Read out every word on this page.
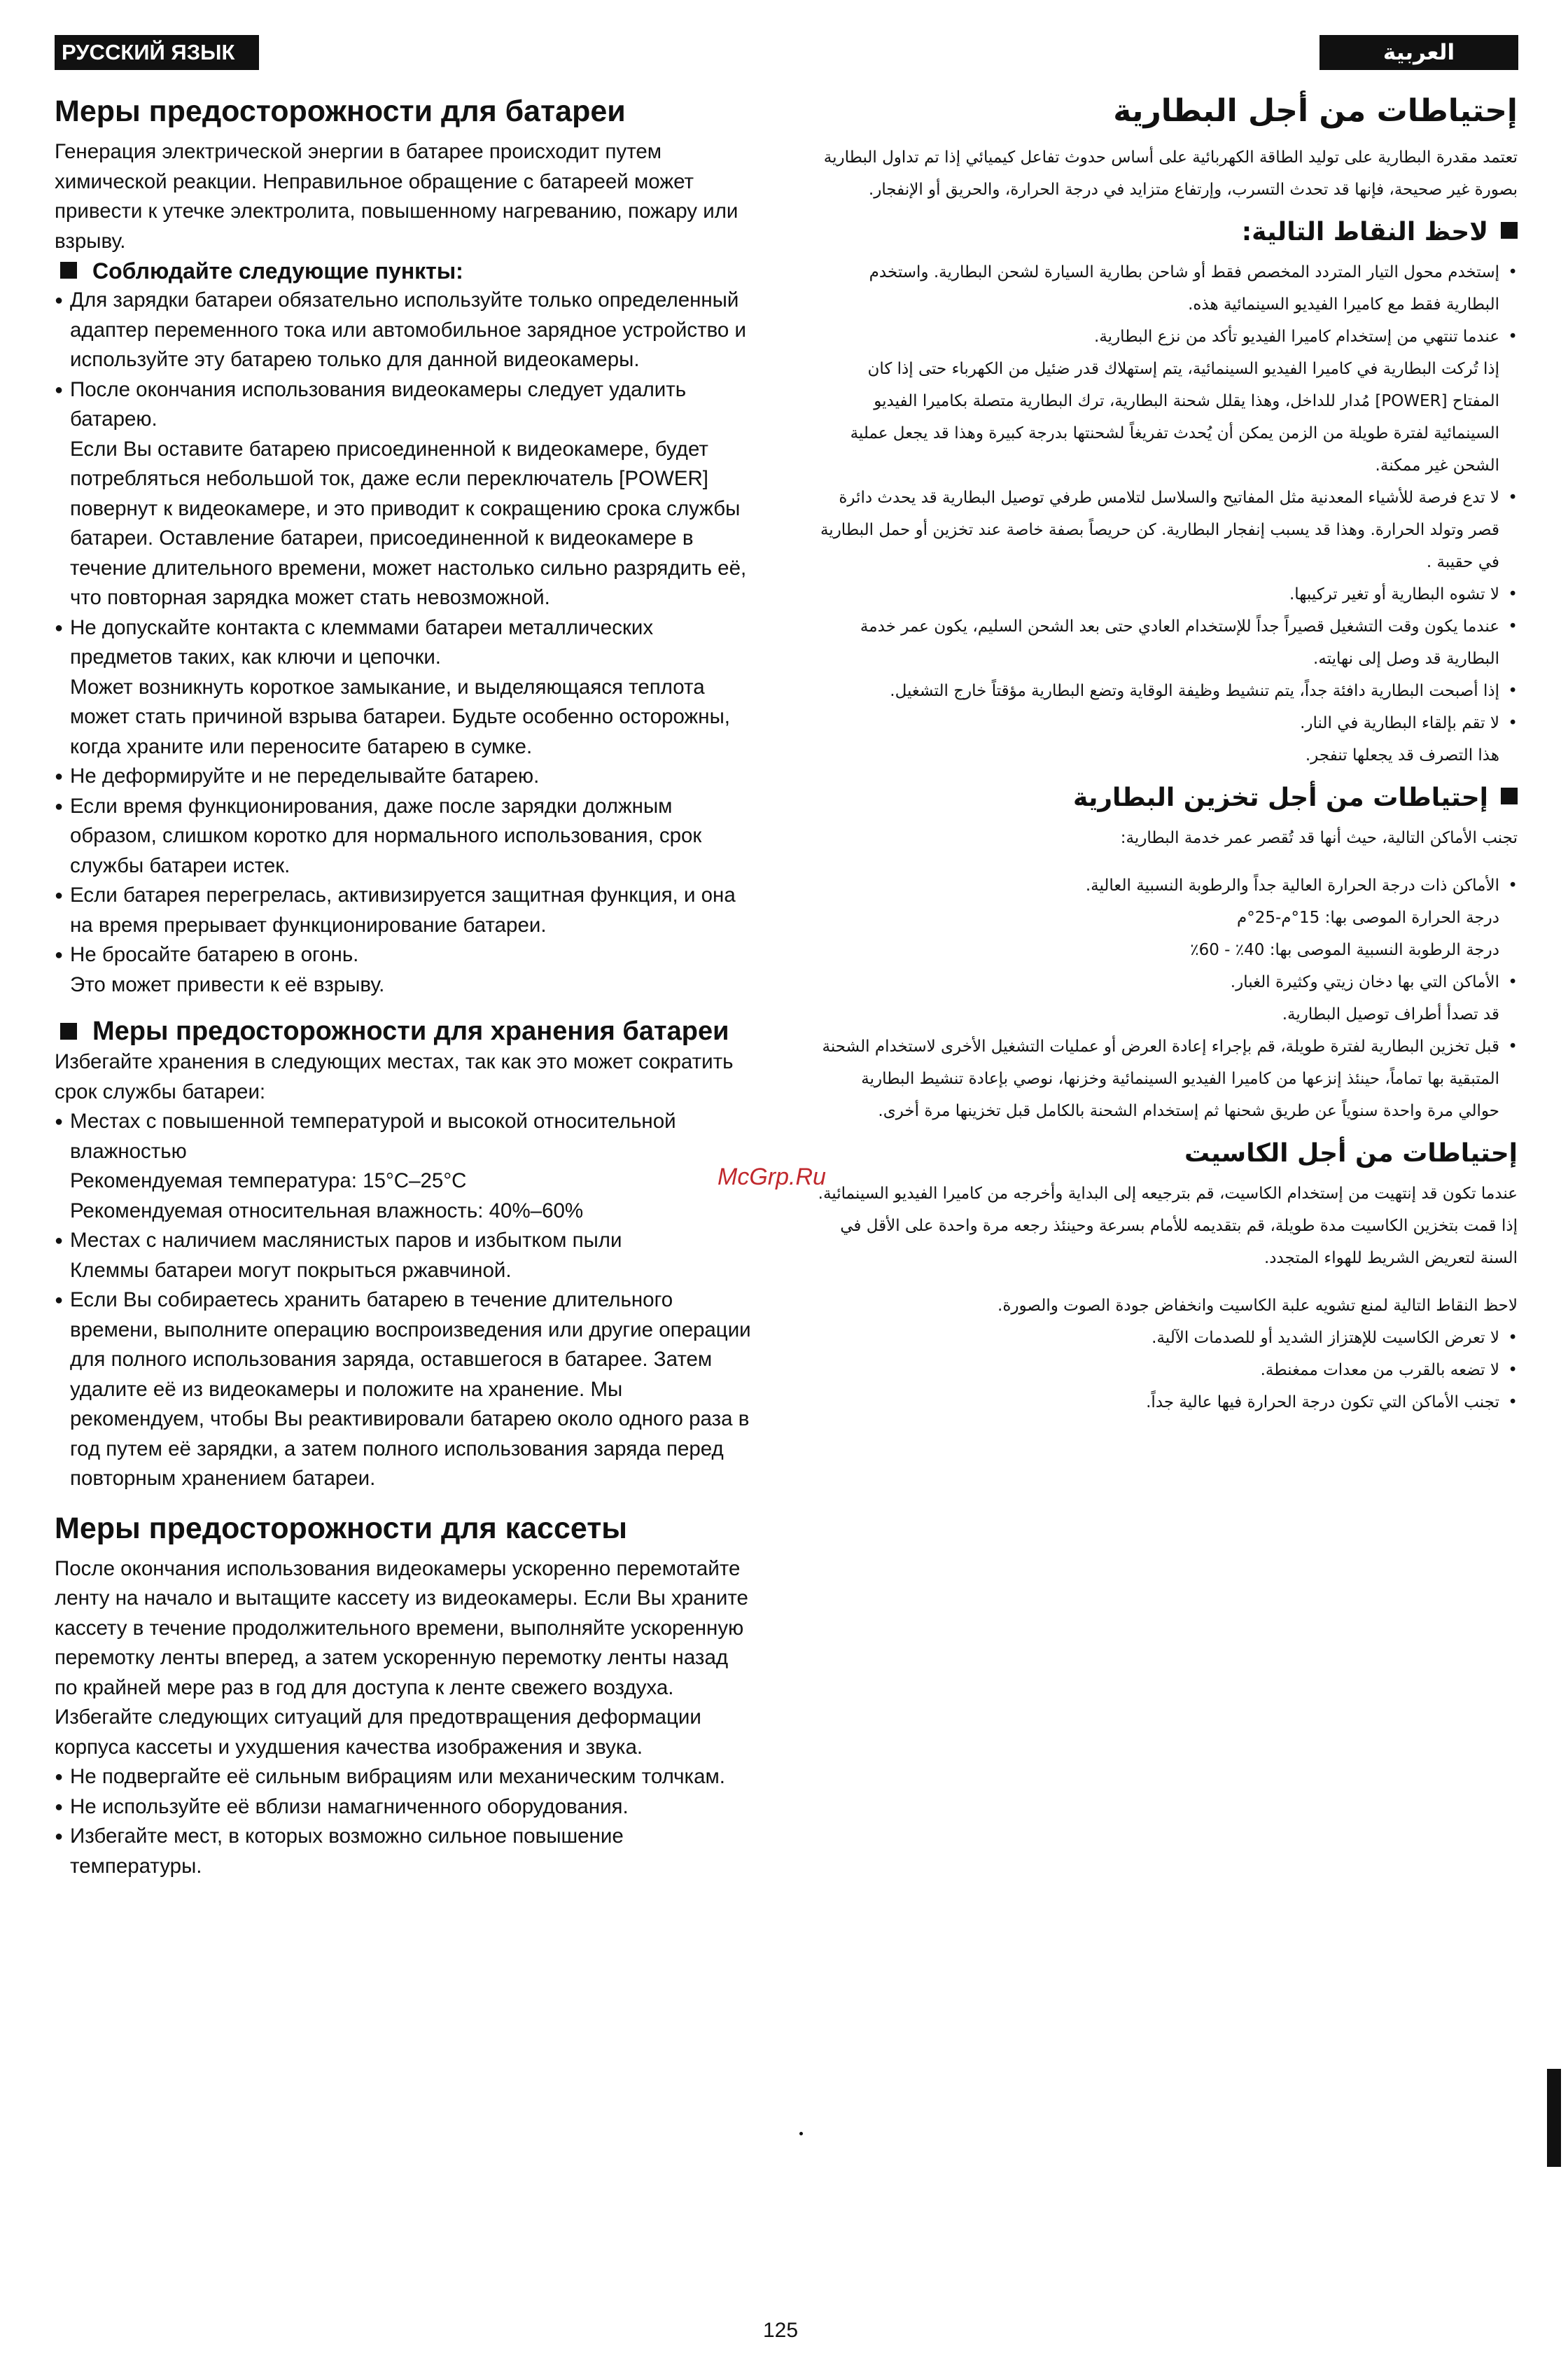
РУССКИЙ ЯЗЫК	العربية
Меры предосторожности для батареи

Генерация электрической энергии в батарее происходит путем химической реакции. Неправильное обращение с батареей может привести к утечке электролита, повышенному нагреванию, пожару или взрыву.

Соблюдайте следующие пункты:
● Для зарядки батареи обязательно используйте только определенный адаптер переменного тока или автомобильное зарядное устройство и используйте эту батарею только для данной видеокамеры.
● После окончания использования видеокамеры следует удалить батарею.
Если Вы оставите батарею присоединенной к видеокамере, будет потребляться небольшой ток, даже если переключатель [POWER] повернут к видеокамере, и это приводит к сокращению срока службы батареи. Оставление батареи, присоединенной к видеокамере в течение длительного времени, может настолько сильно разрядить её, что повторная зарядка может стать невозможной.
● Не допускайте контакта с клеммами батареи металлических предметов таких, как ключи и цепочки.
Может возникнуть короткое замыкание, и выделяющаяся теплота может стать причиной взрыва батареи. Будьте особенно осторожны, когда храните или переносите батарею в сумке.
● Не деформируйте и не переделывайте батарею.
● Если время функционирования, даже после зарядки должным образом, слишком коротко для нормального использования, срок службы батареи истек.
● Если батарея перегрелась, активизируется защитная функция, и она на время прерывает функционирование батареи.
● Не бросайте батарею в огонь.
Это может привести к её взрыву.
Меры предосторожности для хранения батареи

Избегайте хранения в следующих местах, так как это может сократить срок службы батареи:

● Местах с повышенной температурой и высокой относительной влажностью
Рекомендуемая температура: 15°C–25°C
Рекомендуемая относительная влажность: 40%–60%
● Местах с наличием маслянистых паров и избытком пыли
Клеммы батареи могут покрыться ржавчиной.
● Если Вы собираетесь хранить батарею в течение длительного времени, выполните операцию воспроизведения или другие операции для полного использования заряда, оставшегося в батарее. Затем удалите её из видеокамеры и положите на хранение. Мы рекомендуем, чтобы Вы реактивировали батарею около одного раза в год путем её зарядки, а затем полного использования заряда перед повторным хранением батареи.
Меры предосторожности для кассеты

После окончания использования видеокамеры ускоренно перемотайте ленту на начало и вытащите кассету из видеокамеры. Если Вы храните кассету в течение продолжительного времени, выполняйте ускоренную перемотку ленты вперед, а затем ускоренную перемотку ленты назад по крайней мере раз в год для доступа к ленте свежего воздуха.

Избегайте следующих ситуаций для предотвращения деформации корпуса кассеты и ухудшения качества изображения и звука.

● Не подвергайте её сильным вибрациям или механическим толчкам.
● Не используйте её вблизи намагниченного оборудования.
● Избегайте мест, в которых возможно сильное повышение температуры.
McGrp.Ru
إحتياطات من أجل البطارية

تعتمد مقدرة البطارية على توليد الطاقة الكهربائية على أساس حدوث تفاعل كيميائي إذا تم تداول البطارية بصورة غير صحيحة، فإنها قد تحدث التسرب، وإرتفاع متزايد في درجة الحرارة، والحريق أو الإنفجار.

لاحظ النقاط التالية:
• إستخدم محول التيار المتردد المخصص فقط أو شاحن بطارية السيارة لشحن البطارية. واستخدم البطارية فقط مع كاميرا الفيديو السينمائية هذه.
• عندما تنتهي من إستخدام كاميرا الفيديو تأكد من نزع البطارية.
إذا تُركت البطارية في كاميرا الفيديو السينمائية، يتم إستهلاك قدر ضئيل من الكهرباء حتى إذا كان المفتاح [POWER] مُدار للداخل، وهذا يقلل شحنة البطارية، ترك البطارية متصلة بكاميرا الفيديو السينمائية لفترة طويلة من الزمن يمكن أن يُحدث تفريغاً لشحنتها بدرجة كبيرة وهذا قد يجعل عملية الشحن غير ممكنة.
• لا تدع فرصة للأشياء المعدنية مثل المفاتيح والسلاسل لتلامس طرفي توصيل البطارية قد يحدث دائرة قصر وتولد الحرارة. وهذا قد يسبب إنفجار البطارية. كن حريصاً بصفة خاصة عند تخزين أو حمل البطارية في حقيبة .
• لا تشوه البطارية أو تغير تركيبها.
• عندما يكون وقت التشغيل قصيراً جداً للإستخدام العادي حتى بعد الشحن السليم، يكون عمر خدمة البطارية قد وصل إلى نهايته.
• إذا أصبحت البطارية دافئة جداً، يتم تنشيط وظيفة الوقاية وتضع البطارية مؤقتاً خارج التشغيل.
• لا تقم بإلقاء البطارية في النار.
هذا التصرف قد يجعلها تنفجر.
إحتياطات من أجل تخزين البطارية

تجنب الأماكن التالية، حيث أنها قد تُقصر عمر خدمة البطارية:

• الأماكن ذات درجة الحرارة العالية جداً والرطوبة النسبية العالية.
درجة الحرارة الموصى بها: 15°م-25°م
درجة الرطوبة النسبية الموصى بها: 40٪ - 60٪
• الأماكن التي بها دخان زيتي وكثيرة الغبار.
قد تصدأ أطراف توصيل البطارية.
• قبل تخزين البطارية لفترة طويلة، قم بإجراء إعادة العرض أو عمليات التشغيل الأخرى لاستخدام الشحنة المتبقية بها تماماً، حينئذ إنزعها من كاميرا الفيديو السينمائية وخزنها، نوصي بإعادة تنشيط البطارية حوالي مرة واحدة سنوياً عن طريق شحنها ثم إستخدام الشحنة بالكامل قبل تخزينها مرة أخرى.
إحتياطات من أجل الكاسيت

عندما تكون قد إنتهيت من إستخدام الكاسيت، قم بترجيعه إلى البداية وأخرجه من كاميرا الفيديو السينمائية. إذا قمت بتخزين الكاسيت مدة طويلة، قم بتقديمه للأمام بسرعة وحينئذ رجعه مرة واحدة على الأقل في السنة لتعريض الشريط للهواء المتجدد.

لاحظ النقاط التالية لمنع تشويه علبة الكاسيت وانخفاض جودة الصوت والصورة.

• لا تعرض الكاسيت للإهتزاز الشديد أو للصدمات الآلية.
• لا تضعه بالقرب من معدات ممغنطة.
• تجنب الأماكن التي تكون درجة الحرارة فيها عالية جداً.
125
